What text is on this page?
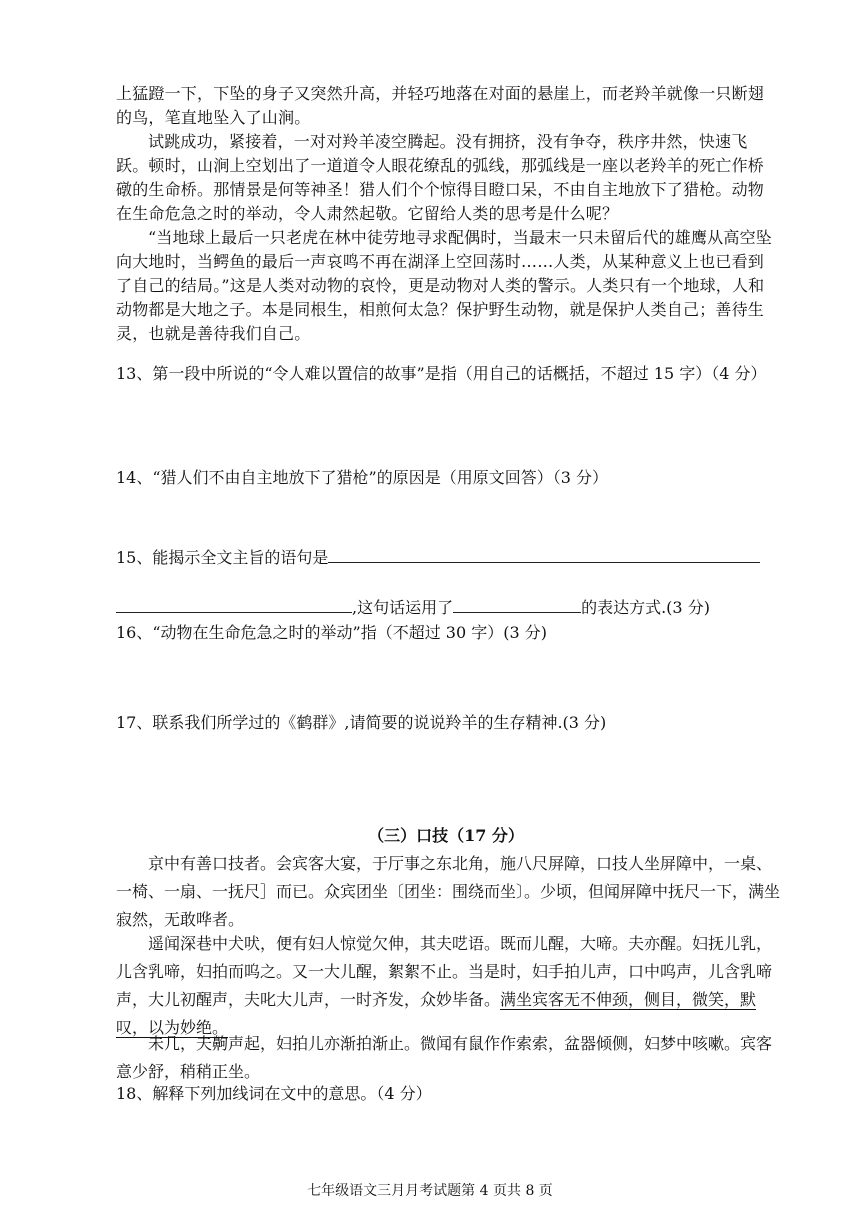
上猛蹬一下，下坠的身子又突然升高，并轻巧地落在对面的悬崖上，而老羚羊就像一只断翅的鸟，笔直地坠入了山涧。

试跳成功，紧接着，一对对羚羊凌空腾起。没有拥挤，没有争夺，秩序井然，快速飞跃。顿时，山涧上空划出了一道道令人眼花缭乱的弧线，那弧线是一座以老羚羊的死亡作桥礅的生命桥。那情景是何等神圣！猎人们个个惊得目瞪口呆，不由自主地放下了猎枪。动物在生命危急之时的举动，令人肃然起敬。它留给人类的思考是什么呢？

“当地球上最后一只老虎在林中徒劳地寻求配偶时，当最末一只未留后代的雄鹰从高空坠向大地时，当鳄鱼的最后一声哀鸣不再在湖泽上空回荡时……人类，从某种意义上也已看到了自己的结局。”这是人类对动物的哀怜，更是动物对人类的警示。人类只有一个地球，人和动物都是大地之子。本是同根生，相煎何太急？保护野生动物，就是保护人类自己；善待生灵，也就是善待我们自己。

13、第一段中所说的“令人难以置信的故事”是指（用自己的话概括，不超过 15 字）（4 分）

14、“猎人们不由自主地放下了猎枪”的原因是（用原文回答）（3 分）

15、能揭示全文主旨的语句是
,这句话运用了	的表达方式.(3 分)

16、“动物在生命危急之时的举动”指（不超过 30 字）(3 分)

17、联系我们所学过的《鹤群》,请简要的说说羚羊的生存精神.(3 分)

（三）口技（17 分）

京中有善口技者。会宾客大宴，于厅事之东北角，施八尺屏障，口技人坐屏障中，一桌、一椅、一扇、一抚尺］而已。众宾团坐〔团坐：围绕而坐〕。少顷，但闻屏障中抚尺一下，满坐寂然，无敢哗者。

遥闻深巷中犬吠，便有妇人惊觉欠伸，其夫呓语。既而儿醒，大啼。夫亦醒。妇抚儿乳，儿含乳啼，妇拍而呜之。又一大儿醒，絮絮不止。当是时，妇手拍儿声，口中呜声，儿含乳啼声，大儿初醒声，夫叱大儿声，一时齐发，众妙毕备。满坐宾客无不伸颈，侧目，微笑，默叹，以为妙绝。

未几，夫齁声起，妇拍儿亦渐拍渐止。微闻有鼠作作索索，盆器倾侧，妇梦中咳嗽。宾客意少舒，稍稍正坐。

18、解释下列加线词在文中的意思。（4 分）

七年级语文三月月考试题第 4 页共 8 页
